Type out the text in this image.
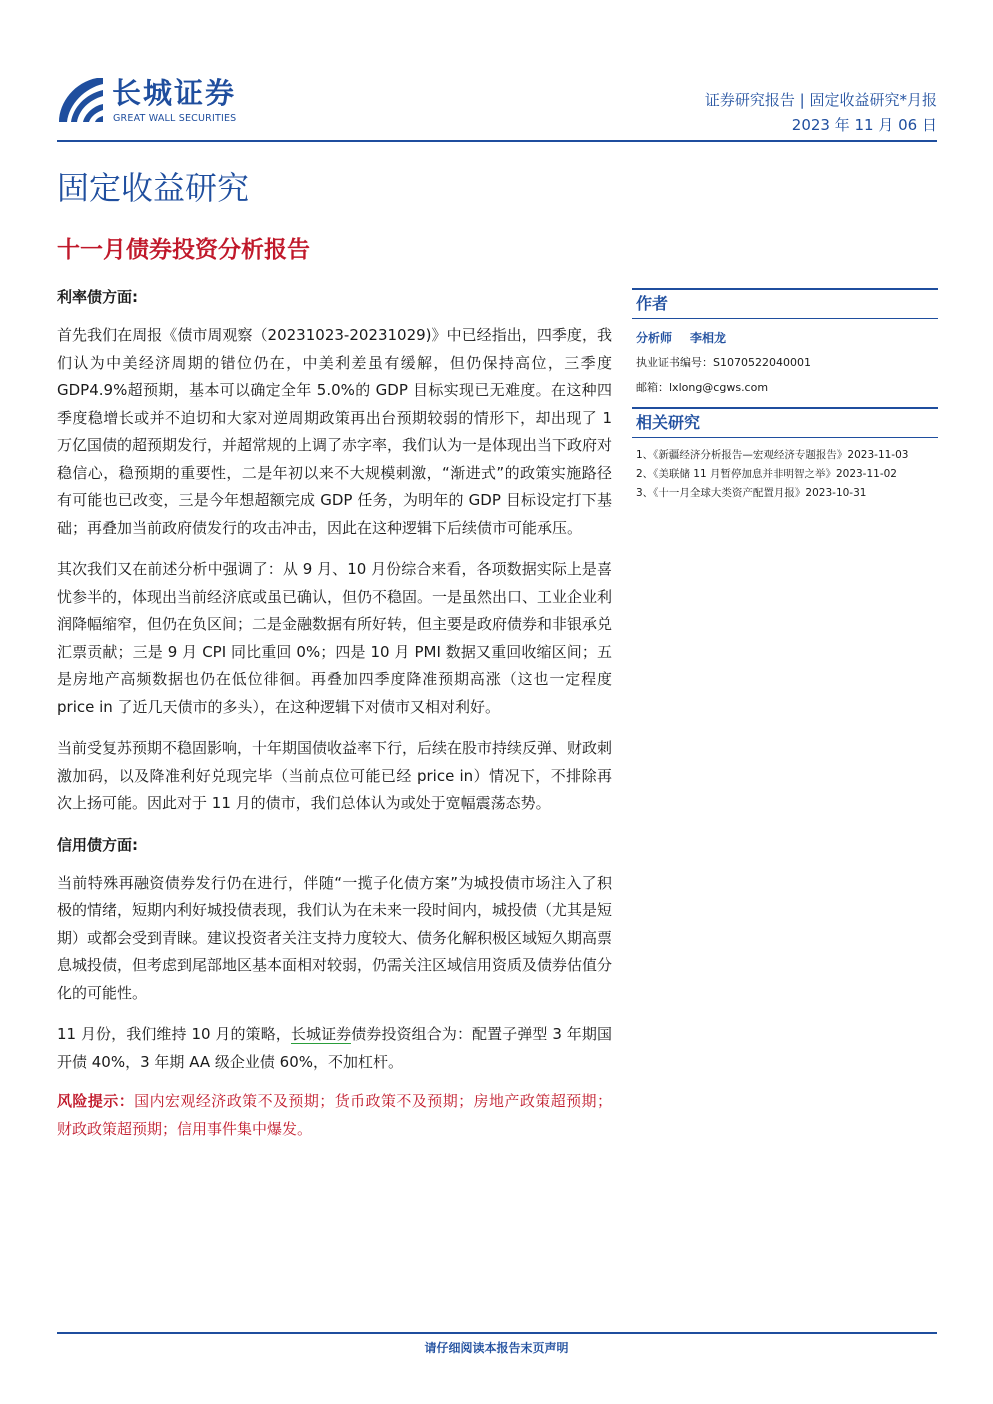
长城证券
GREAT WALL SECURITIES
证券研究报告 | 固定收益研究*月报
2023 年 11 月 06 日
固定收益研究
十一月债券投资分析报告
利率债方面:

首先我们在周报《债市周观察（20231023-20231029)》中已经指出，四季度，我们认为中美经济周期的错位仍在，中美利差虽有缓解，但仍保持高位，三季度 GDP4.9%超预期，基本可以确定全年 5.0%的 GDP 目标实现已无难度。在这种四季度稳增长或并不迫切和大家对逆周期政策再出台预期较弱的情形下，却出现了 1 万亿国债的超预期发行，并超常规的上调了赤字率，我们认为一是体现出当下政府对稳信心，稳预期的重要性，二是年初以来不大规模刺激，“渐进式”的政策实施路径有可能也已改变，三是今年想超额完成 GDP 任务，为明年的 GDP 目标设定打下基础；再叠加当前政府债发行的攻击冲击，因此在这种逻辑下后续债市可能承压。

其次我们又在前述分析中强调了：从 9 月、10 月份综合来看，各项数据实际上是喜忧参半的，体现出当前经济底或虽已确认，但仍不稳固。一是虽然出口、工业企业利润降幅缩窄，但仍在负区间；二是金融数据有所好转，但主要是政府债券和非银承兑汇票贡献；三是 9 月 CPI 同比重回 0%；四是 10 月 PMI 数据又重回收缩区间；五是房地产高频数据也仍在低位徘徊。再叠加四季度降准预期高涨（这也一定程度 price in 了近几天债市的多头），在这种逻辑下对债市又相对利好。

当前受复苏预期不稳固影响，十年期国债收益率下行，后续在股市持续反弹、财政刺激加码，以及降准利好兑现完毕（当前点位可能已经 price in）情况下，不排除再次上扬可能。因此对于 11 月的债市，我们总体认为或处于宽幅震荡态势。

信用债方面:

当前特殊再融资债券发行仍在进行，伴随“一揽子化债方案”为城投债市场注入了积极的情绪，短期内利好城投债表现，我们认为在未来一段时间内，城投债（尤其是短期）或都会受到青睐。建议投资者关注支持力度较大、债务化解积极区域短久期高票息城投债，但考虑到尾部地区基本面相对较弱，仍需关注区域信用资质及债券估值分化的可能性。

11 月份，我们维持 10 月的策略，长城证券债券投资组合为：配置子弹型 3 年期国开债 40%，3 年期 AA 级企业债 60%，不加杠杆。

风险提示：国内宏观经济政策不及预期；货币政策不及预期；房地产政策超预期；财政政策超预期；信用事件集中爆发。

作者
分析师 李相龙
执业证书编号：S1070522040001
邮箱：lxlong@cgws.com
相关研究
1、《新疆经济分析报告—宏观经济专题报告》2023-11-03
2、《美联储 11 月暂停加息并非明智之举》2023-11-02
3、《十一月全球大类资产配置月报》2023-10-31
请仔细阅读本报告末页声明
